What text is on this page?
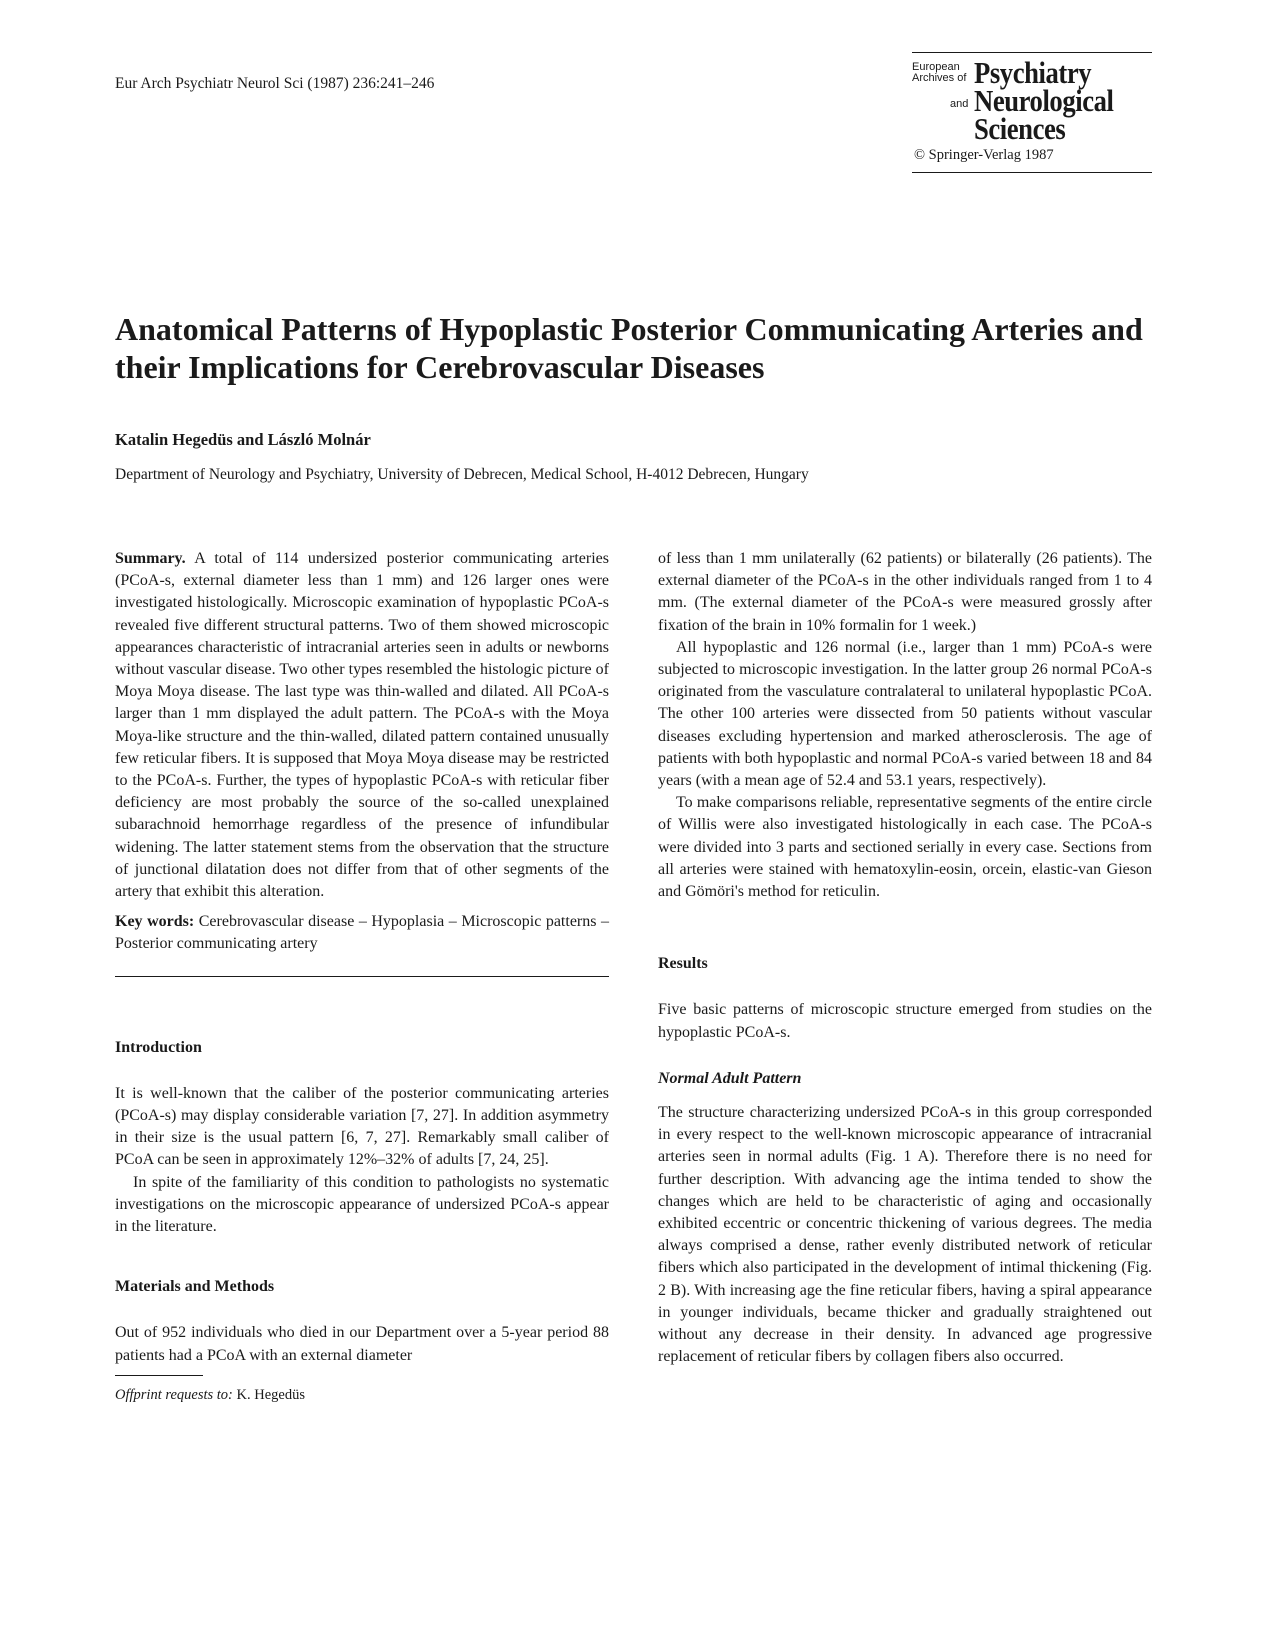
Eur Arch Psychiatr Neurol Sci (1987) 236:241–246
European
Archives of Psychiatry
and Neurological
Sciences
© Springer-Verlag 1987
Anatomical Patterns of Hypoplastic Posterior Communicating Arteries and their Implications for Cerebrovascular Diseases
Katalin Hegedüs and László Molnár
Department of Neurology and Psychiatry, University of Debrecen, Medical School, H-4012 Debrecen, Hungary

Summary. A total of 114 undersized posterior communicating arteries (PCoA-s, external diameter less than 1 mm) and 126 larger ones were investigated histologically. Microscopic examination of hypoplastic PCoA-s revealed five different structural patterns. Two of them showed microscopic appearances characteristic of intracranial arteries seen in adults or newborns without vascular disease. Two other types resembled the histologic picture of Moya Moya disease. The last type was thin-walled and dilated. All PCoA-s larger than 1 mm displayed the adult pattern. The PCoA-s with the Moya Moya-like structure and the thin-walled, dilated pattern contained unusually few reticular fibers. It is supposed that Moya Moya disease may be restricted to the PCoA-s. Further, the types of hypoplastic PCoA-s with reticular fiber deficiency are most probably the source of the so-called unexplained subarachnoid hemorrhage regardless of the presence of infundibular widening. The latter statement stems from the observation that the structure of junctional dilatation does not differ from that of other segments of the artery that exhibit this alteration.

Key words: Cerebrovascular disease – Hypoplasia – Microscopic patterns – Posterior communicating artery

Introduction

It is well-known that the caliber of the posterior communicating arteries (PCoA-s) may display considerable variation [7, 27]. In addition asymmetry in their size is the usual pattern [6, 7, 27]. Remarkably small caliber of PCoA can be seen in approximately 12%–32% of adults [7, 24, 25].

In spite of the familiarity of this condition to pathologists no systematic investigations on the microscopic appearance of undersized PCoA-s appear in the literature.

Materials and Methods

Out of 952 individuals who died in our Department over a 5-year period 88 patients had a PCoA with an external diameter

Offprint requests to: K. Hegedüs

of less than 1 mm unilaterally (62 patients) or bilaterally (26 patients). The external diameter of the PCoA-s in the other individuals ranged from 1 to 4 mm. (The external diameter of the PCoA-s were measured grossly after fixation of the brain in 10% formalin for 1 week.)

All hypoplastic and 126 normal (i.e., larger than 1 mm) PCoA-s were subjected to microscopic investigation. In the latter group 26 normal PCoA-s originated from the vasculature contralateral to unilateral hypoplastic PCoA. The other 100 arteries were dissected from 50 patients without vascular diseases excluding hypertension and marked atherosclerosis. The age of patients with both hypoplastic and normal PCoA-s varied between 18 and 84 years (with a mean age of 52.4 and 53.1 years, respectively).

To make comparisons reliable, representative segments of the entire circle of Willis were also investigated histologically in each case. The PCoA-s were divided into 3 parts and sectioned serially in every case. Sections from all arteries were stained with hematoxylin-eosin, orcein, elastic-van Gieson and Gömöri's method for reticulin.

Results

Five basic patterns of microscopic structure emerged from studies on the hypoplastic PCoA-s.

Normal Adult Pattern

The structure characterizing undersized PCoA-s in this group corresponded in every respect to the well-known microscopic appearance of intracranial arteries seen in normal adults (Fig. 1 A). Therefore there is no need for further description. With advancing age the intima tended to show the changes which are held to be characteristic of aging and occasionally exhibited eccentric or concentric thickening of various degrees. The media always comprised a dense, rather evenly distributed network of reticular fibers which also participated in the development of intimal thickening (Fig. 2 B). With increasing age the fine reticular fibers, having a spiral appearance in younger individuals, became thicker and gradually straightened out without any decrease in their density. In advanced age progressive replacement of reticular fibers by collagen fibers also occurred.
